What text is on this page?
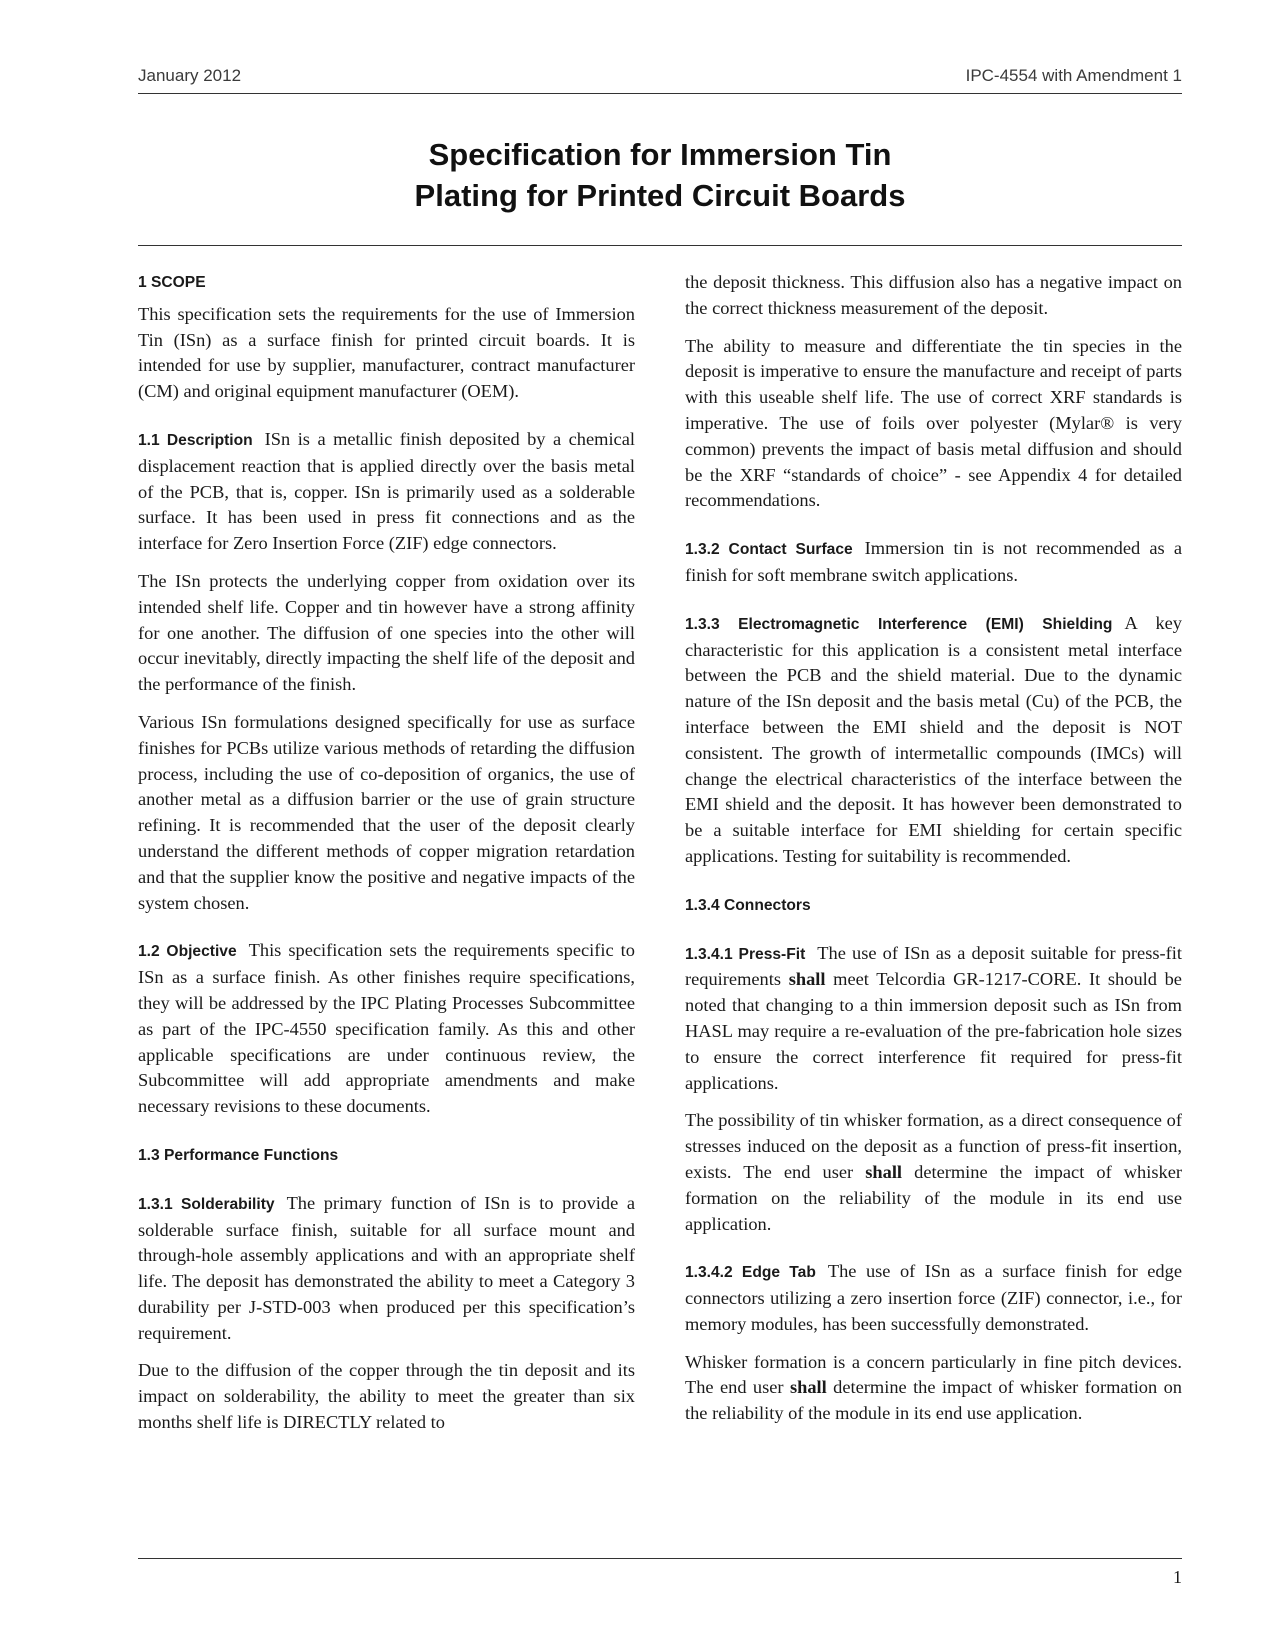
January 2012	IPC-4554 with Amendment 1
Specification for Immersion Tin
Plating for Printed Circuit Boards

1 SCOPE

This specification sets the requirements for the use of Immersion Tin (ISn) as a surface finish for printed circuit boards. It is intended for use by supplier, manufacturer, contract manufacturer (CM) and original equipment manufacturer (OEM).

1.1 Description ISn is a metallic finish deposited by a chemical displacement reaction that is applied directly over the basis metal of the PCB, that is, copper. ISn is primarily used as a solderable surface. It has been used in press fit connections and as the interface for Zero Insertion Force (ZIF) edge connectors.

The ISn protects the underlying copper from oxidation over its intended shelf life. Copper and tin however have a strong affinity for one another. The diffusion of one species into the other will occur inevitably, directly impacting the shelf life of the deposit and the performance of the finish.

Various ISn formulations designed specifically for use as surface finishes for PCBs utilize various methods of retarding the diffusion process, including the use of co-deposition of organics, the use of another metal as a diffusion barrier or the use of grain structure refining. It is recommended that the user of the deposit clearly understand the different methods of copper migration retardation and that the supplier know the positive and negative impacts of the system chosen.

1.2 Objective This specification sets the requirements specific to ISn as a surface finish. As other finishes require specifications, they will be addressed by the IPC Plating Processes Subcommittee as part of the IPC-4550 specification family. As this and other applicable specifications are under continuous review, the Subcommittee will add appropriate amendments and make necessary revisions to these documents.

1.3 Performance Functions

1.3.1 Solderability The primary function of ISn is to provide a solderable surface finish, suitable for all surface mount and through-hole assembly applications and with an appropriate shelf life. The deposit has demonstrated the ability to meet a Category 3 durability per J-STD-003 when produced per this specification’s requirement.

Due to the diffusion of the copper through the tin deposit and its impact on solderability, the ability to meet the greater than six months shelf life is DIRECTLY related to

the deposit thickness. This diffusion also has a negative impact on the correct thickness measurement of the deposit.

The ability to measure and differentiate the tin species in the deposit is imperative to ensure the manufacture and receipt of parts with this useable shelf life. The use of correct XRF standards is imperative. The use of foils over polyester (Mylar® is very common) prevents the impact of basis metal diffusion and should be the XRF “standards of choice” - see Appendix 4 for detailed recommendations.

1.3.2 Contact Surface Immersion tin is not recommended as a finish for soft membrane switch applications.

1.3.3 Electromagnetic Interference (EMI) Shielding A key characteristic for this application is a consistent metal interface between the PCB and the shield material. Due to the dynamic nature of the ISn deposit and the basis metal (Cu) of the PCB, the interface between the EMI shield and the deposit is NOT consistent. The growth of intermetallic compounds (IMCs) will change the electrical characteristics of the interface between the EMI shield and the deposit. It has however been demonstrated to be a suitable interface for EMI shielding for certain specific applications. Testing for suitability is recommended.

1.3.4 Connectors

1.3.4.1 Press-Fit The use of ISn as a deposit suitable for press-fit requirements shall meet Telcordia GR-1217-CORE. It should be noted that changing to a thin immersion deposit such as ISn from HASL may require a re-evaluation of the pre-fabrication hole sizes to ensure the correct interference fit required for press-fit applications.

The possibility of tin whisker formation, as a direct consequence of stresses induced on the deposit as a function of press-fit insertion, exists. The end user shall determine the impact of whisker formation on the reliability of the module in its end use application.

1.3.4.2 Edge Tab The use of ISn as a surface finish for edge connectors utilizing a zero insertion force (ZIF) connector, i.e., for memory modules, has been successfully demonstrated.

Whisker formation is a concern particularly in fine pitch devices. The end user shall determine the impact of whisker formation on the reliability of the module in its end use application.

1
